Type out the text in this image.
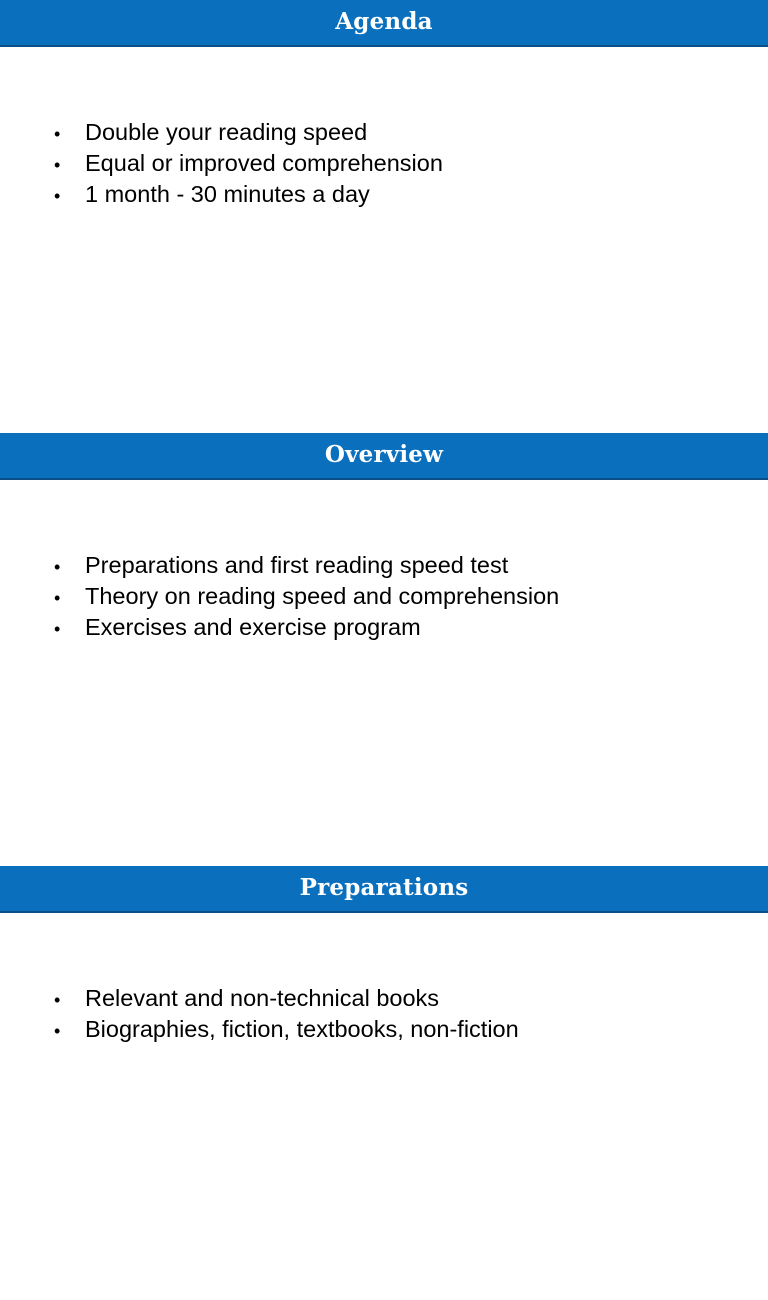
Agenda
•	Double your reading speed
•	Equal or improved comprehension
•	1 month - 30 minutes a day
Overview
•	Preparations and first reading speed test
•	Theory on reading speed and comprehension
•	Exercises and exercise program
Preparations
•	Relevant and non-technical books
•	Biographies, fiction, textbooks, non-fiction
